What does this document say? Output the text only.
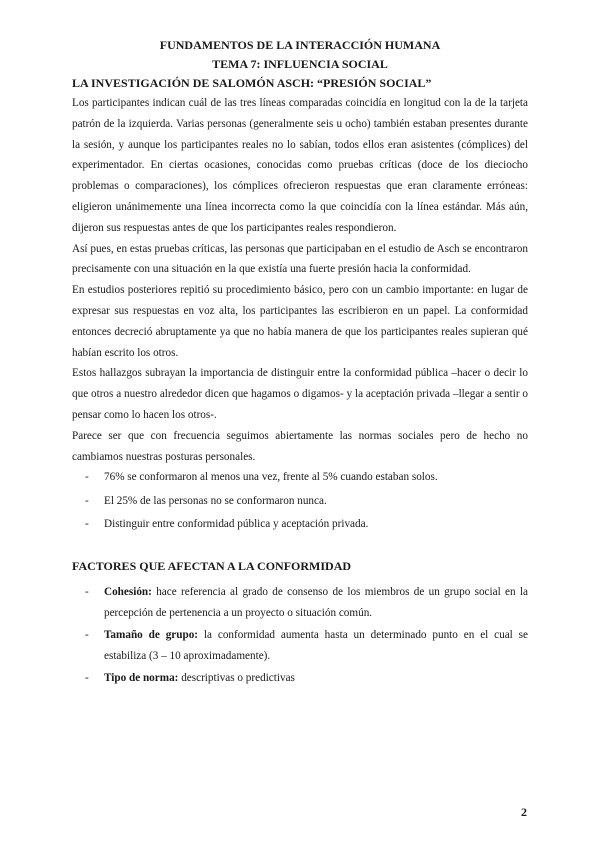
FUNDAMENTOS DE LA INTERACCIÓN HUMANA

TEMA 7: INFLUENCIA SOCIAL

LA INVESTIGACIÓN DE SALOMÓN ASCH: “PRESIÓN SOCIAL”

Los participantes indican cuál de las tres líneas comparadas coincidía en longitud con la de la tarjeta patrón de la izquierda. Varias personas (generalmente seis u ocho) también estaban presentes durante la sesión, y aunque los participantes reales no lo sabían, todos ellos eran asistentes (cómplices) del experimentador. En ciertas ocasiones, conocidas como pruebas críticas (doce de los dieciocho problemas o comparaciones), los cómplices ofrecieron respuestas que eran claramente erróneas: eligieron unánimemente una línea incorrecta como la que coincidía con la línea estándar. Más aún, dijeron sus respuestas antes de que los participantes reales respondieron.

Así pues, en estas pruebas críticas, las personas que participaban en el estudio de Asch se encontraron precisamente con una situación en la que existía una fuerte presión hacia la conformidad.

En estudios posteriores repitió su procedimiento básico, pero con un cambio importante: en lugar de expresar sus respuestas en voz alta, los participantes las escribieron en un papel. La conformidad entonces decreció abruptamente ya que no había manera de que los participantes reales supieran qué habían escrito los otros.

Estos hallazgos subrayan la importancia de distinguir entre la conformidad pública –hacer o decir lo que otros a nuestro alrededor dicen que hagamos o digamos- y la aceptación privada –llegar a sentir o pensar como lo hacen los otros-.

Parece ser que con frecuencia seguimos abiertamente las normas sociales pero de hecho no cambiamos nuestras posturas personales.

- 76% se conformaron al menos una vez, frente al 5% cuando estaban solos.
- El 25% de las personas no se conformaron nunca.
- Distinguir entre conformidad pública y aceptación privada.

FACTORES QUE AFECTAN A LA CONFORMIDAD

- Cohesión: hace referencia al grado de consenso de los miembros de un grupo social en la percepción de pertenencia a un proyecto o situación común.
- Tamaño de grupo: la conformidad aumenta hasta un determinado punto en el cual se estabiliza (3 – 10 aproximadamente).
- Tipo de norma: descriptivas o predictivas
2
